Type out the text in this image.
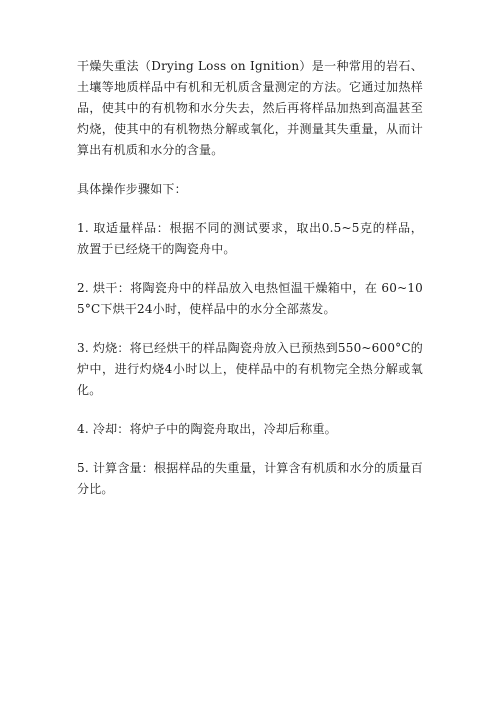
干燥失重法（Drying Loss on Ignition）是一种常用的岩石、土壤等地质样品中有机和无机质含量测定的方法。它通过加热样品，使其中的有机物和水分失去，然后再将样品加热到高温甚至灼烧，使其中的有机物热分解或氧化，并测量其失重量，从而计算出有机质和水分的含量。

具体操作步骤如下：

1. 取适量样品：根据不同的测试要求，取出0.5~5克的样品，放置于已经烧干的陶瓷舟中。

2. 烘干：将陶瓷舟中的样品放入电热恒温干燥箱中，在 60~105°C下烘干24小时，使样品中的水分全部蒸发。

3. 灼烧：将已经烘干的样品陶瓷舟放入已预热到550~600°C的炉中，进行灼烧4小时以上，使样品中的有机物完全热分解或氧化。

4. 冷却：将炉子中的陶瓷舟取出，冷却后称重。

5. 计算含量：根据样品的失重量，计算含有机质和水分的质量百分比。
